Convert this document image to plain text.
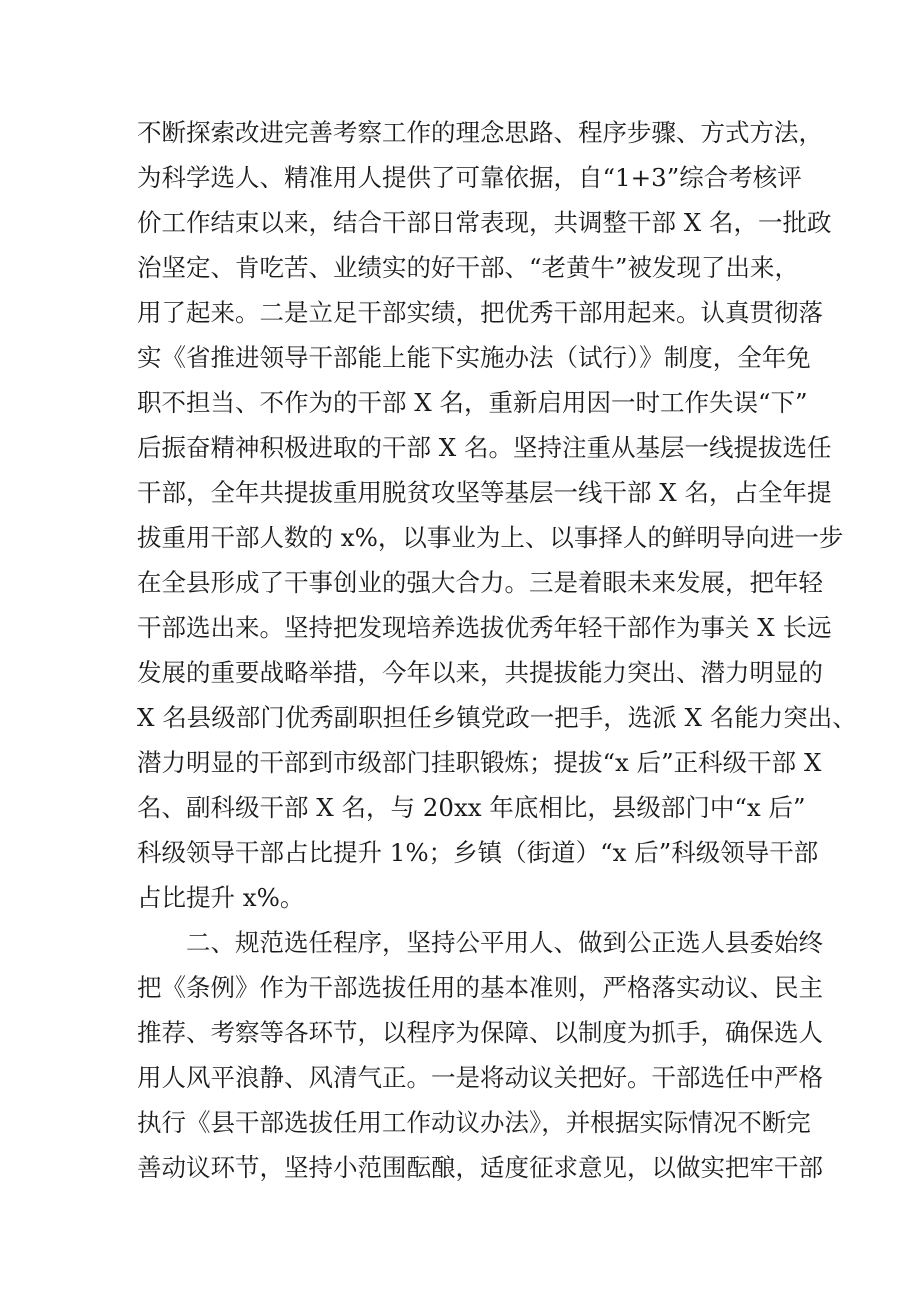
不断探索改进完善考察工作的理念思路、程序步骤、方式方法，
为科学选人、精准用人提供了可靠依据，自“1+3”综合考核评
价工作结束以来，结合干部日常表现，共调整干部 X 名，一批政
治坚定、肯吃苦、业绩实的好干部、“老黄牛”被发现了出来，
用了起来。二是立足干部实绩，把优秀干部用起来。认真贯彻落
实《省推进领导干部能上能下实施办法（试行）》制度，全年免
职不担当、不作为的干部 X 名，重新启用因一时工作失误“下”
后振奋精神积极进取的干部 X 名。坚持注重从基层一线提拔选任
干部，全年共提拔重用脱贫攻坚等基层一线干部 X 名，占全年提
拔重用干部人数的 x%，以事业为上、以事择人的鲜明导向进一步
在全县形成了干事创业的强大合力。三是着眼未来发展，把年轻
干部选出来。坚持把发现培养选拔优秀年轻干部作为事关 X 长远
发展的重要战略举措，今年以来，共提拔能力突出、潜力明显的
X 名县级部门优秀副职担任乡镇党政一把手，选派 X 名能力突出、
潜力明显的干部到市级部门挂职锻炼；提拔“x 后”正科级干部 X
名、副科级干部 X 名，与 20xx 年底相比，县级部门中“x 后”
科级领导干部占比提升 1%；乡镇（街道）“x 后”科级领导干部
占比提升 x%。
二、规范选任程序，坚持公平用人、做到公正选人县委始终
把《条例》作为干部选拔任用的基本准则，严格落实动议、民主
推荐、考察等各环节，以程序为保障、以制度为抓手，确保选人
用人风平浪静、风清气正。一是将动议关把好。干部选任中严格
执行《县干部选拔任用工作动议办法》，并根据实际情况不断完
善动议环节，坚持小范围酝酿，适度征求意见，以做实把牢干部
